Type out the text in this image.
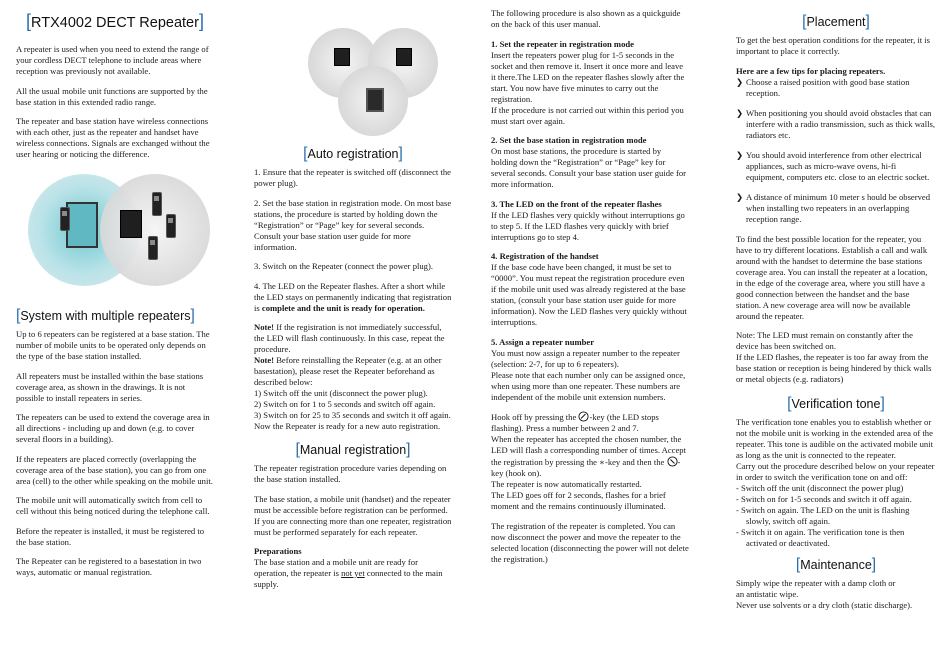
[RTX4002 DECT Repeater]

A repeater is used when you need to extend the range of your cordless DECT telephone to include areas where reception was previously not available.

All the usual mobile unit functions are supported by the base station in this extended radio range.

The repeater and base station have wireless connections with each other, just as the repeater and handset have wireless connections. Signals are exchanged without the user hearing or noticing the difference.

[System with multiple repeaters]

Up to 6 repeaters can be registered at a base station. The number of mobile units to be operated only depends on the type of the base station installed.

All repeaters must be installed within the base stations coverage area, as shown in the drawings. It is not possible to install repeaters in series.

The repeaters can be used to extend the coverage area in all directions - including up and down (e.g. to cover several floors in a building).

If the repeaters are placed correctly (overlapping the coverage area of the base station), you can go from one area (cell) to the other while speaking on the mobile unit.

The mobile unit will automatically switch from cell to cell without this being noticed during the telephone call.

Before the repeater is installed, it must be registered to the base station.

The Repeater can be registered to a basestation in two ways, automatic or manual registration.

[Auto registration]

1. Ensure that the repeater is switched off (disconnect the power plug).

2. Set the base station in registration mode. On most base stations, the procedure is started by holding down the “Registration” or “Page” key for several seconds. Consult your base station user guide for more information.

3. Switch on the Repeater (connect the power plug).

4. The LED on the Repeater flashes. After a short while the LED stays on permanently indicating that registration is complete and the unit is ready for operation.

Note! If the registration is not immediately successful, the LED will flash continuously. In this case, repeat the procedure.

Note! Before reinstalling the Repeater (e.g. at an other basestation), please reset the Repeater beforehand as described below:

1) Switch off the unit (disconnect the power plug).

2) Switch on for 1 to 5 seconds and switch off again.

3) Switch on for 25 to 35 seconds and switch it off again.

Now the Repeater is ready for a new auto registration.

[Manual registration]

The repeater registration procedure varies depending on the base station installed.

The base station, a mobile unit (handset) and the repeater must be accessible before registration can be performed.

If you are connecting more than one repeater, registration must be performed separately for each repeater.

Preparations

The base station and a mobile unit are ready for operation, the repeater is not yet connected to the main supply.

The following procedure is also shown as a quickguide on the back of this user manual.

1. Set the repeater in registration mode

Insert the repeaters power plug for 1-5 seconds in the socket and then remove it. Insert it once more and leave it there.The LED on the repeater flashes slowly after the start. You now have five minutes to carry out the registration.

If the procedure is not carried out within this period you must start over again.

2. Set the base station in registration mode

On most base stations, the procedure is started by holding down the “Registration” or “Page” key for several seconds. Consult your base station user guide for more information.

3. The LED on the front of the repeater flashes

If the LED flashes very quickly without interruptions go to step 5. If the LED flashes very quickly with brief interruptions go to step 4.

4. Registration of the handset

If the base code have been changed, it must be set to “0000”. You must repeat the registration procedure even if the mobile unit used was already registered at the base station, (consult your base station user guide for more information). Now the LED flashes very quickly without interruptions.

5. Assign a repeater number

You must now assign a repeater number to the repeater (selection: 2-7, for up to 6 repeaters).

Please note that each number only can be assigned once, when using more than one repeater. These numbers are independent of the mobile unit extension numbers.

Hook off by pressing the -key (the LED stops flashing). Press a number between 2 and 7.

When the repeater has accepted the chosen number, the LED will flash a corresponding number of times. Accept the registration by pressing the ∗-key and then the -key (hook on).

The repeater is now automatically restarted.

The LED goes off for 2 seconds, flashes for a brief moment and the remains continuously illuminated.

The registration of the repeater is completed. You can now disconnect the power and move the repeater to the selected location (disconnecting the power will not delete the registration.)

[Placement]

To get the best operation conditions for the repeater, it is important to place it correctly.

Here are a few tips for placing repeaters.

❯ Choose a raised position with good base station reception.
❯ When positioning you should avoid obstacles that can interfere with a radio transmission, such as thick walls, radiators etc.
❯ You should avoid interference from other electrical appliances, such as micro-wave ovens, hi-fi equipment, computers etc. close to an electric socket.
❯ A distance of minimum 10 meter s hould be observed when installing two repeaters in an overlapping reception range.

To find the best possible location for the repeater, you have to try different locations. Establish a call and walk around with the handset to determine the base stations coverage area. You can install the repeater at a location, in the edge of the coverage area, where you still have a good connection between the handset and the base station. A new coverage area will now be available around the repeater.

Note: The LED must remain on constantly after the device has been switched on.

If the LED flashes, the repeater is too far away from the base station or reception is being hindered by thick walls or metal objects (e.g. radiators)

[Verification tone]

The verification tone enables you to establish whether or not the mobile unit is working in the extended area of the repeater. This tone is audible on the activated mobile unit as long as the unit is connected to the repeater.

Carry out the procedure described below on your repeater in order to switch the verification tone on and off:

- Switch off the unit (disconnect the power plug)

- Switch on for 1-5 seconds and switch it off again.

- Switch on again. The LED on the unit is flashing

slowly, switch off again.

- Switch it on again. The verification tone is then

activated or deactivated.

[Maintenance]

Simply wipe the repeater with a damp cloth or

an antistatic wipe.

Never use solvents or a dry cloth (static discharge).
